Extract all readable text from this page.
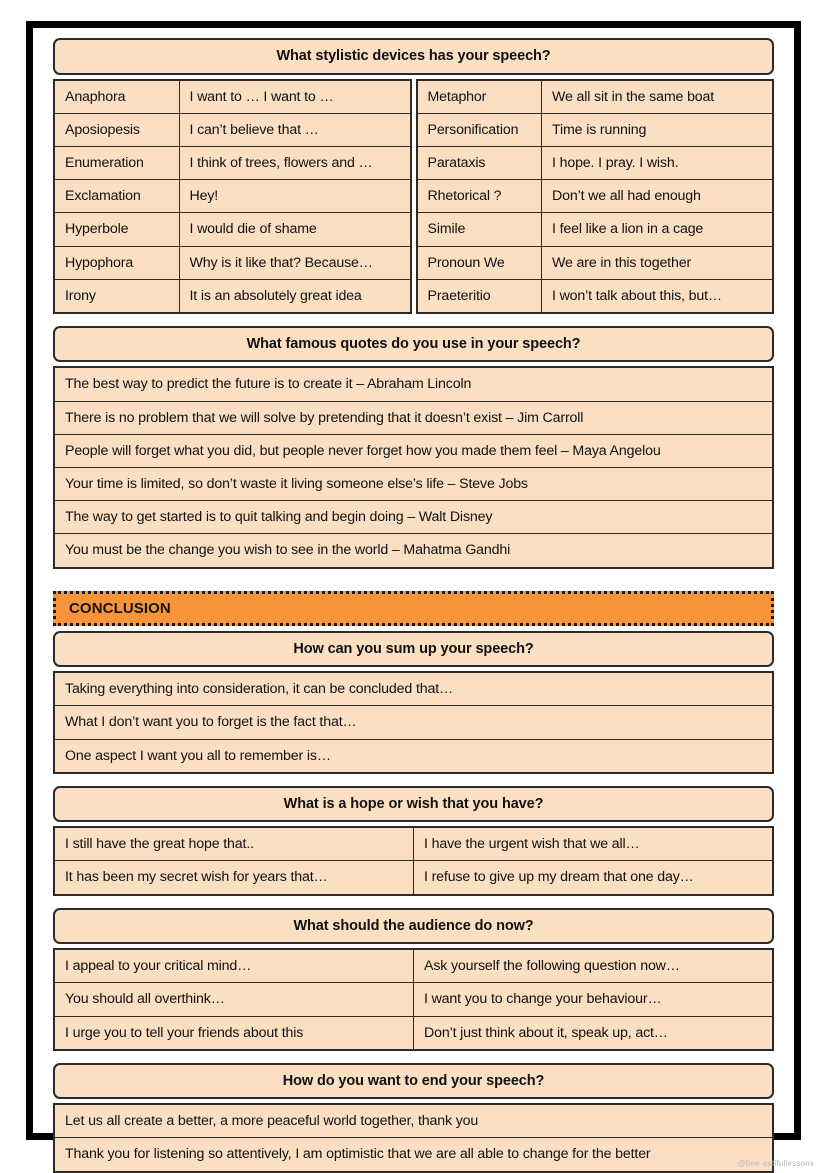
What stylistic devices has your speech?
Anaphora	I want to … I want to …
Aposiopesis	I can’t believe that …
Enumeration	I think of trees, flowers and …
Exclamation	Hey!
Hyperbole	I would die of shame
Hypophora	Why is it like that? Because…
Irony	It is an absolutely great idea
Metaphor	We all sit in the same boat
Personification	Time is running
Parataxis	I hope. I pray. I wish.
Rhetorical ?	Don’t we all had enough
Simile	I feel like a lion in a cage
Pronoun We	We are in this together
Praeteritio	I won’t talk about this, but…
What famous quotes do you use in your speech?
The best way to predict the future is to create it – Abraham Lincoln
There is no problem that we will solve by pretending that it doesn’t exist – Jim Carroll
People will forget what you did, but people never forget how you made them feel – Maya Angelou
Your time is limited, so don’t waste it living someone else’s life – Steve Jobs
The way to get started is to quit talking and begin doing – Walt Disney
You must be the change you wish to see in the world – Mahatma Gandhi
CONCLUSION
How can you sum up your speech?
Taking everything into consideration, it can be concluded that…
What I don’t want you to forget is the fact that…
One aspect I want you all to remember is…
What is a hope or wish that you have?
I still have the great hope that..	I have the urgent wish that we all…
It has been my secret wish for years that…	I refuse to give up my dream that one day…
What should the audience do now?
I appeal to your critical mind…	Ask yourself the following question now…
You should all overthink…	I want you to change your behaviour…
I urge you to tell your friends about this	Don’t just think about it, speak up, act…
How do you want to end your speech?
Let us all create a better, a more peaceful world together, thank you
Thank you for listening so attentively, I am optimistic that we are all able to change for the better
@bee-autifullessons
